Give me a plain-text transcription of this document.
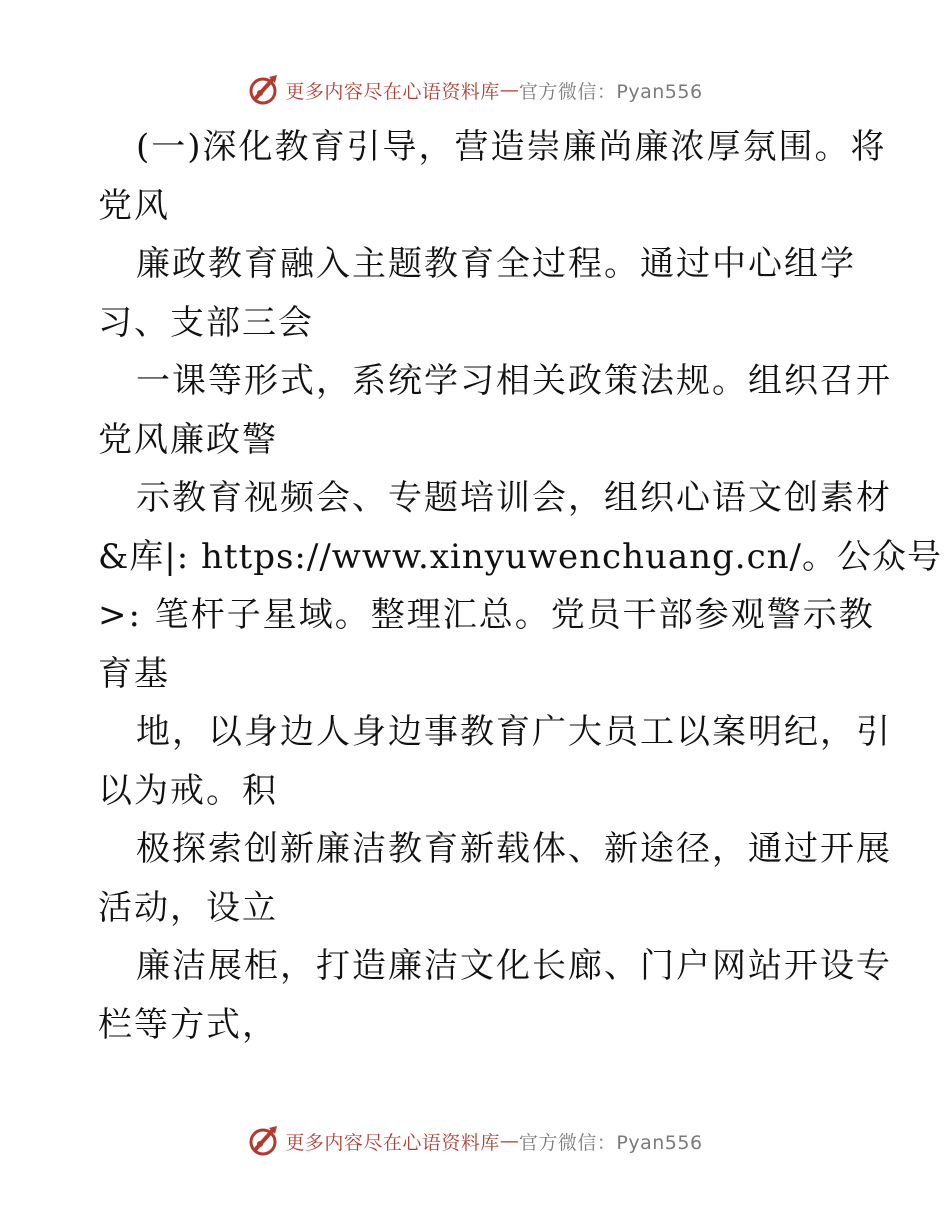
更多内容尽在心语资料库 — 官方微信：Pyan556
(一)深化教育引导，营造崇廉尚廉浓厚氛围。将
党风
廉政教育融入主题教育全过程。通过中心组学
习、支部三会
一课等形式，系统学习相关政策法规。组织召开
党风廉政警
示教育视频会、专题培训会，组织心语文创素材
&库|: https://www.xinyuwenchuang.cn/。公众号
>: 笔杆子星域。整理汇总。党员干部参观警示教
育基
地，以身边人身边事教育广大员工以案明纪，引
以为戒。积
极探索创新廉洁教育新载体、新途径，通过开展
活动，设立
廉洁展柜，打造廉洁文化长廊、门户网站开设专
栏等方式，
更多内容尽在心语资料库 — 官方微信：Pyan556
